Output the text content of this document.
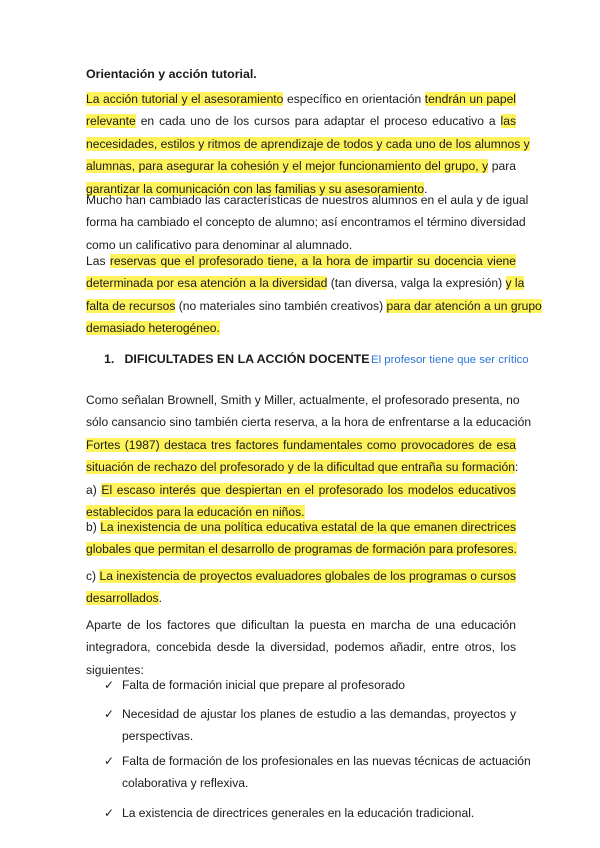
Orientación y acción tutorial.

La acción tutorial y el asesoramiento específico en orientación tendrán un papel
relevante en cada uno de los cursos para adaptar el proceso educativo a las
necesidades, estilos y ritmos de aprendizaje de todos y cada uno de los alumnos y
alumnas, para asegurar la cohesión y el mejor funcionamiento del grupo, y para
garantizar la comunicación con las familias y su asesoramiento.
Mucho han cambiado las características de nuestros alumnos en el aula y de igual
forma ha cambiado el concepto de alumno; así encontramos el término diversidad
como un calificativo para denominar al alumnado.
Las reservas que el profesorado tiene, a la hora de impartir su docencia viene
determinada por esa atención a la diversidad (tan diversa, valga la expresión) y la
falta de recursos (no materiales sino también creativos) para dar atención a un grupo
demasiado heterogéneo.

1. DIFICULTADES EN LA ACCIÓN DOCENTE El profesor tiene que ser crítico

Como señalan Brownell, Smith y Miller, actualmente, el profesorado presenta, no
sólo cansancio sino también cierta reserva, a la hora de enfrentarse a la educación
Fortes (1987) destaca tres factores fundamentales como provocadores de esa
situación de rechazo del profesorado y de la dificultad que entraña su formación:
a) El escaso interés que despiertan en el profesorado los modelos educativos
establecidos para la educación en niños.
b) La inexistencia de una política educativa estatal de la que emanen directrices
globales que permitan el desarrollo de programas de formación para profesores.
c) La inexistencia de proyectos evaluadores globales de los programas o cursos
desarrollados.
Aparte de los factores que dificultan la puesta en marcha de una educación
integradora, concebida desde la diversidad, podemos añadir, entre otros, los
siguientes:
✓ Falta de formación inicial que prepare al profesorado
✓ Necesidad de ajustar los planes de estudio a las demandas, proyectos y
perspectivas.
✓ Falta de formación de los profesionales en las nuevas técnicas de actuación
colaborativa y reflexiva.
✓ La existencia de directrices generales en la educación tradicional.
